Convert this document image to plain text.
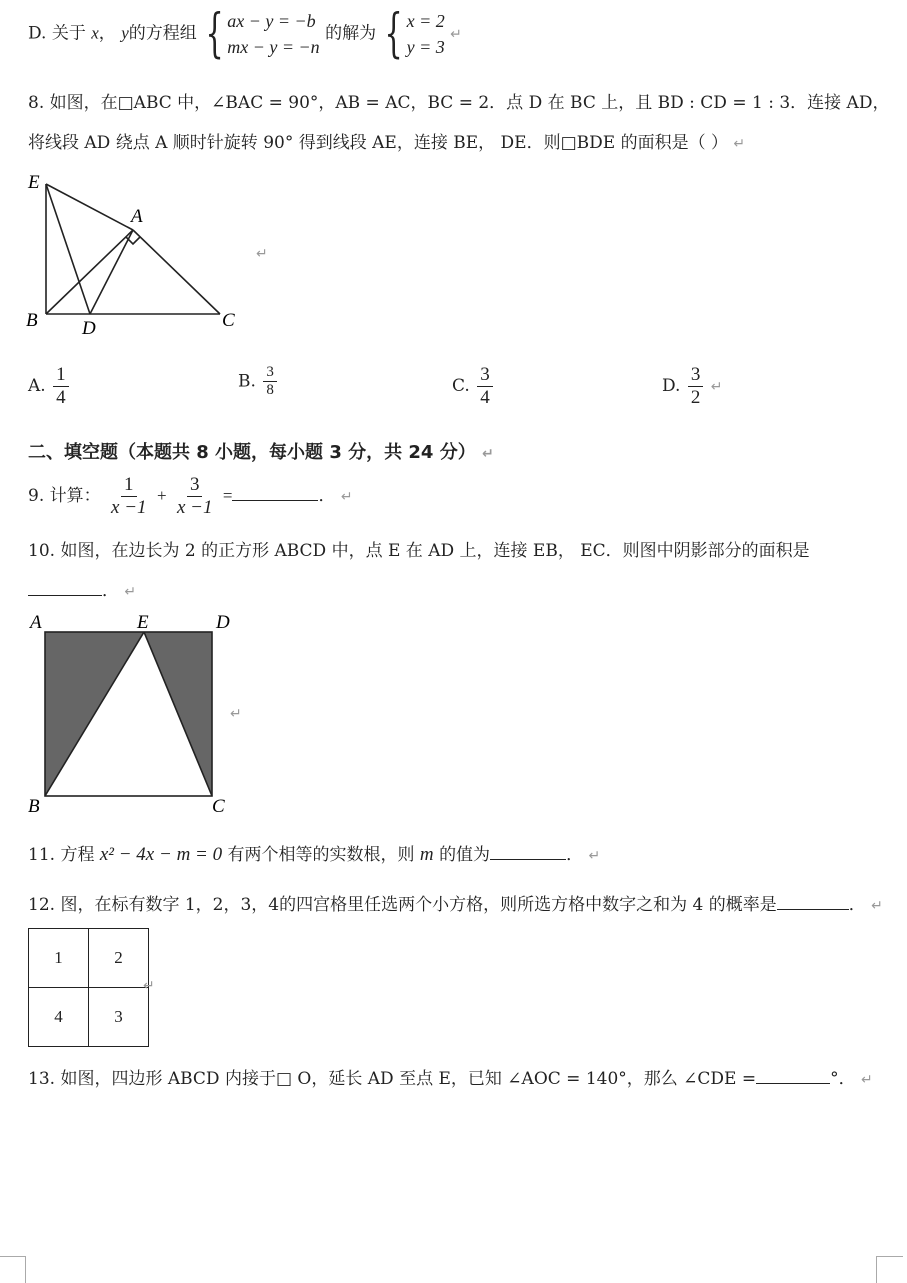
D. 关于 x， y的方程组 { ax − y = −b
mx − y = −n
的解为 { x = 2
y = 3
↵
8. 如图，在□ABC 中，∠BAC = 90°，AB = AC，BC = 2．点 D 在 BC 上，且 BD : CD = 1 : 3．连接 AD，
将线段 AD 绕点 A 顺时针旋转 90° 得到线段 AE，连接 BE， DE．则□BDE 的面积是（ ） ↵
E
A
B D	C
↵
A. $\frac{1}{4}$	B. $\frac{3}{8}$	C. $\frac{3}{4}$	D. $\frac{3}{2}$ ↵
二、填空题（本题共 8 小题，每小题 3 分，共 24 分） ↵
9. 计算： $\frac{1}{x -1} + \frac{3}{x -1}$ =	． ↵
10. 如图，在边长为 2 的正方形 ABCD 中，点 E 在 AD 上，连接 EB， EC．则图中阴影部分的面积是
． ↵
A	E	D
B	C
↵
11. 方程 x² − 4x − m = 0 有两个相等的实数根，则 m 的值为	． ↵
12. 图，在标有数字 1，2，3，4的四宫格里任选两个小方格，则所选方格中数字之和为 4 的概率是	． ↵
1	2
4	3
↵
13. 如图，四边形 ABCD 内接于□ O，延长 AD 至点 E，已知 ∠AOC = 140°，那么 ∠CDE =	°． ↵
